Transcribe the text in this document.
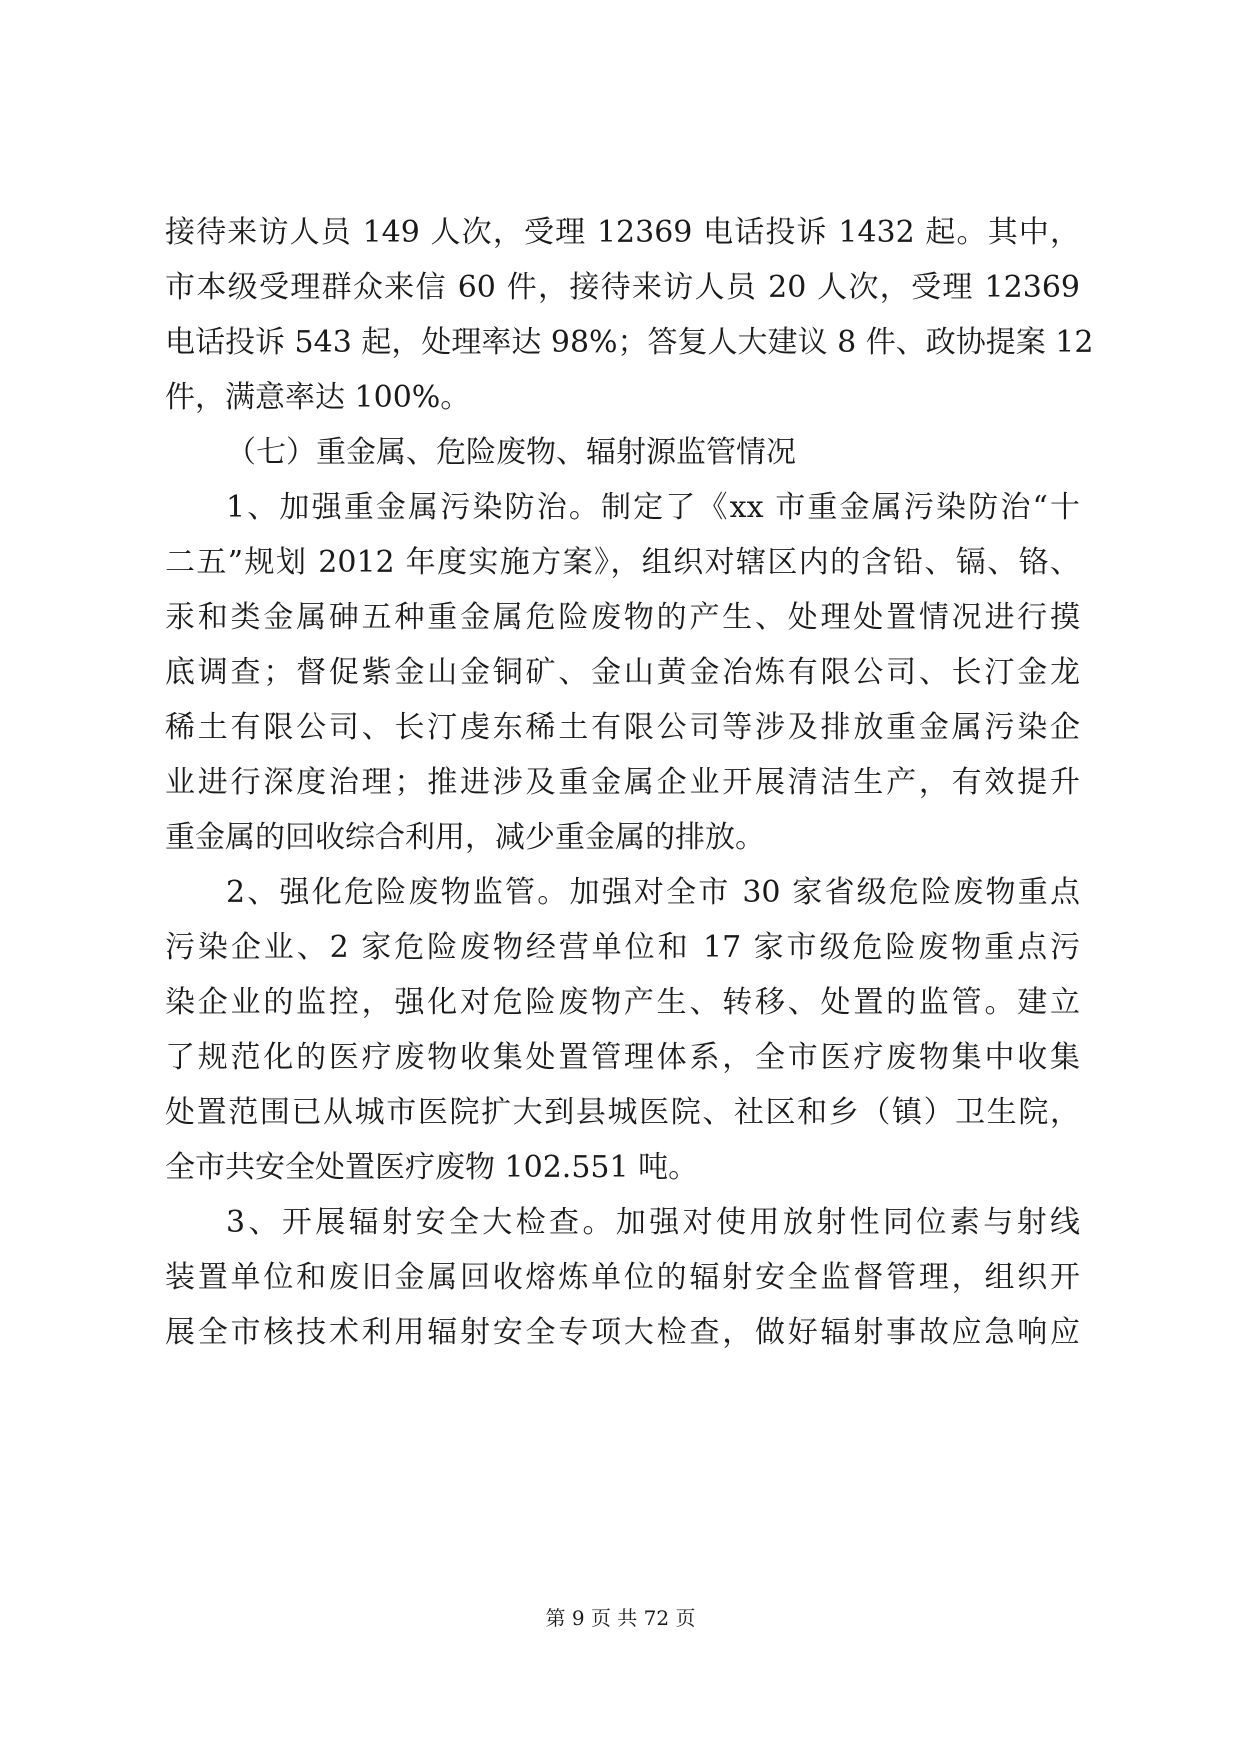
接待来访人员 149 人次，受理 12369 电话投诉 1432 起。其中，
市本级受理群众来信 60 件，接待来访人员 20 人次，受理 12369
电话投诉 543 起，处理率达 98%；答复人大建议 8 件、政协提案 12
件，满意率达 100%。
（七）重金属、危险废物、辐射源监管情况
1、加强重金属污染防治。制定了《xx 市重金属污染防治“十
二五”规划 2012 年度实施方案》，组织对辖区内的含铅、镉、铬、
汞和类金属砷五种重金属危险废物的产生、处理处置情况进行摸
底调查；督促紫金山金铜矿、金山黄金冶炼有限公司、长汀金龙
稀土有限公司、长汀虔东稀土有限公司等涉及排放重金属污染企
业进行深度治理；推进涉及重金属企业开展清洁生产，有效提升
重金属的回收综合利用，减少重金属的排放。
2、强化危险废物监管。加强对全市 30 家省级危险废物重点
污染企业、2 家危险废物经营单位和 17 家市级危险废物重点污
染企业的监控，强化对危险废物产生、转移、处置的监管。建立
了规范化的医疗废物收集处置管理体系，全市医疗废物集中收集
处置范围已从城市医院扩大到县城医院、社区和乡（镇）卫生院，
全市共安全处置医疗废物 102.551 吨。
3、开展辐射安全大检查。加强对使用放射性同位素与射线
装置单位和废旧金属回收熔炼单位的辐射安全监督管理，组织开
展全市核技术利用辐射安全专项大检查，做好辐射事故应急响应
第 9 页 共 72 页
